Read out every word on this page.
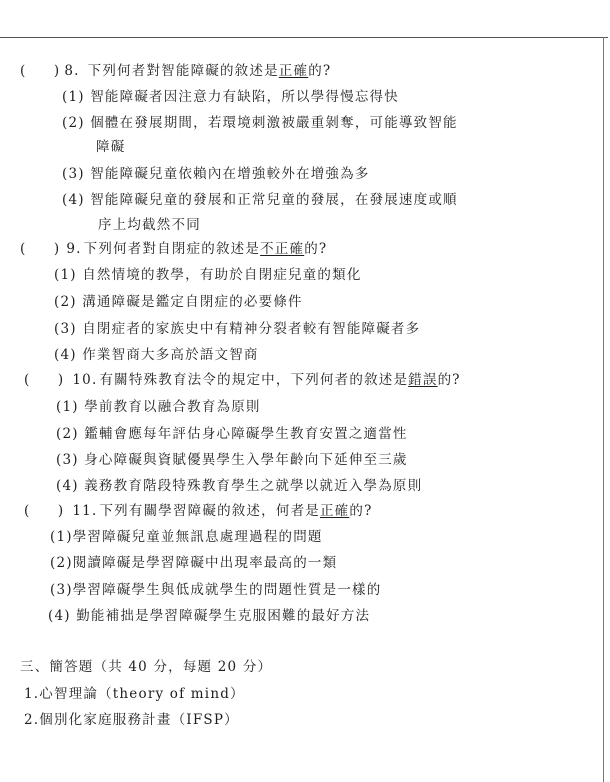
(     ) 8. 下列何者對智能障礙的敘述是 正確 的?
(1) 智能障礙者因注意力有缺陷，所以學得慢忘得快
(2) 個體在發展期間，若環境刺激被嚴重剝奪，可能導致智能
障礙
(3) 智能障礙兒童依賴內在增強較外在增強為多
(4) 智能障礙兒童的發展和正常兒童的發展，在發展速度或順
序上均截然不同
(     ) 9. 下列何者對自閉症的敘述是 不正確 的?
(1) 自然情境的教學，有助於自閉症兒童的類化
(2) 溝通障礙是鑑定自閉症的必要條件
(3) 自閉症者的家族史中有精神分裂者較有智能障礙者多
(4) 作業智商大多高於語文智商
(     ) 10. 有關特殊教育法令的規定中，下列何者的敘述是 錯誤 的?
(1) 學前教育以融合教育為原則
(2) 鑑輔會應每年評估身心障礙學生教育安置之適當性
(3) 身心障礙與資賦優異學生入學年齡向下延伸至三歲
(4) 義務教育階段特殊教育學生之就學以就近入學為原則
(     ) 11. 下列有關學習障礙的敘述，何者是 正確 的?
(1)學習障礙兒童並無訊息處理過程的問題
(2)閱讀障礙是學習障礙中出現率最高的一類
(3)學習障礙學生與低成就學生的問題性質是一樣的
(4) 勤能補拙是學習障礙學生克服困難的最好方法
三、簡答題（共 40 分，每題 20 分）
1.心智理論（theory of mind）
2.個別化家庭服務計畫（IFSP）
